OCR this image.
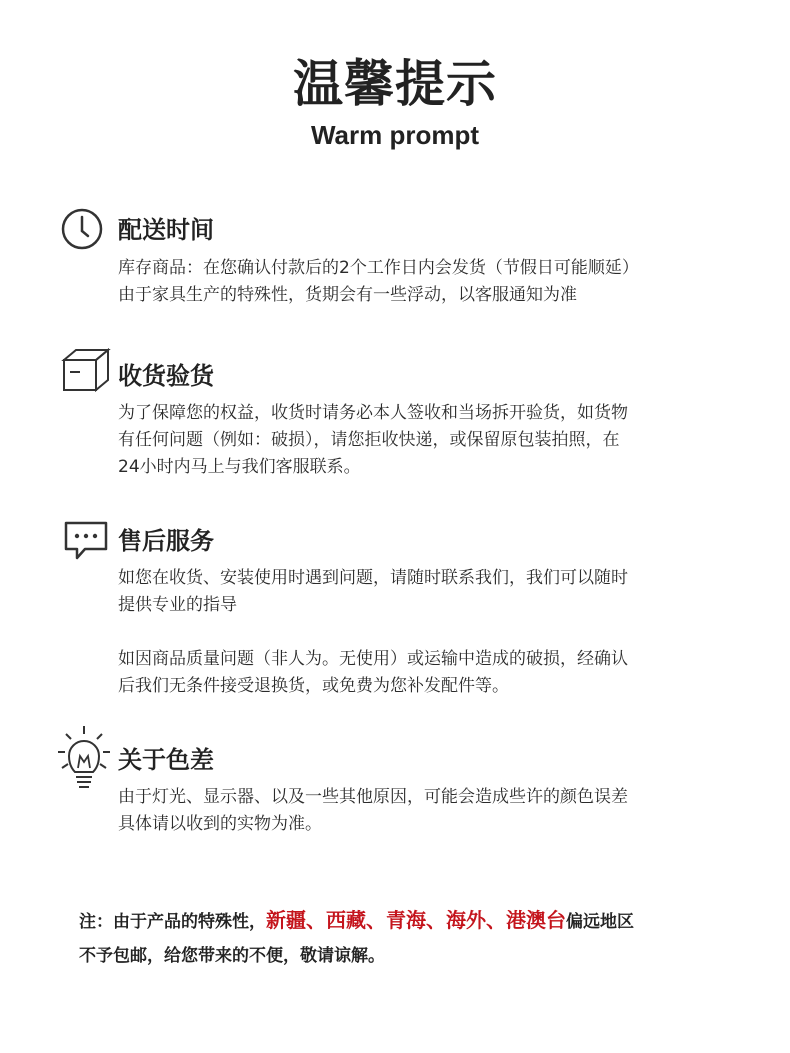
温馨提示
Warm prompt
配送时间

库存商品：在您确认付款后的2个工作日内会发货（节假日可能顺延）

由于家具生产的特殊性，货期会有一些浮动，以客服通知为准

收货验货

为了保障您的权益，收货时请务必本人签收和当场拆开验货，如货物

有任何问题（例如：破损），请您拒收快递，或保留原包装拍照，在

24小时内马上与我们客服联系。

售后服务

如您在收货、安装使用时遇到问题，请随时联系我们，我们可以随时

提供专业的指导

如因商品质量问题（非人为。无使用）或运输中造成的破损，经确认

后我们无条件接受退换货，或免费为您补发配件等。

关于色差

由于灯光、显示器、以及一些其他原因，可能会造成些许的颜色误差

具体请以收到的实物为准。

注：由于产品的特殊性，新疆、西藏、青海、海外、港澳台偏远地区
不予包邮，给您带来的不便，敬请谅解。
